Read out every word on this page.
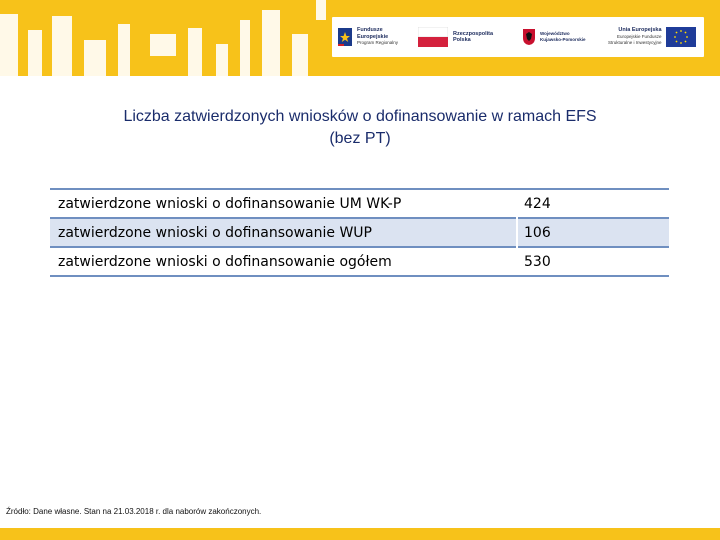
Fundusze
Europejskie
Program Regionalny
Rzeczpospolita
Polska
Województwo
Kujawsko-Pomorskie
Unia Europejska
Europejskie Fundusze
Strukturalne i Inwestycyjne
Liczba zatwierdzonych wniosków o dofinansowanie w ramach EFS
(bez PT)
zatwierdzone wnioski o dofinansowanie UM WK-P	424
zatwierdzone wnioski o dofinansowanie WUP	106
zatwierdzone wnioski o dofinansowanie ogółem	530
Źródło: Dane własne. Stan na 21.03.2018 r. dla naborów zakończonych.
